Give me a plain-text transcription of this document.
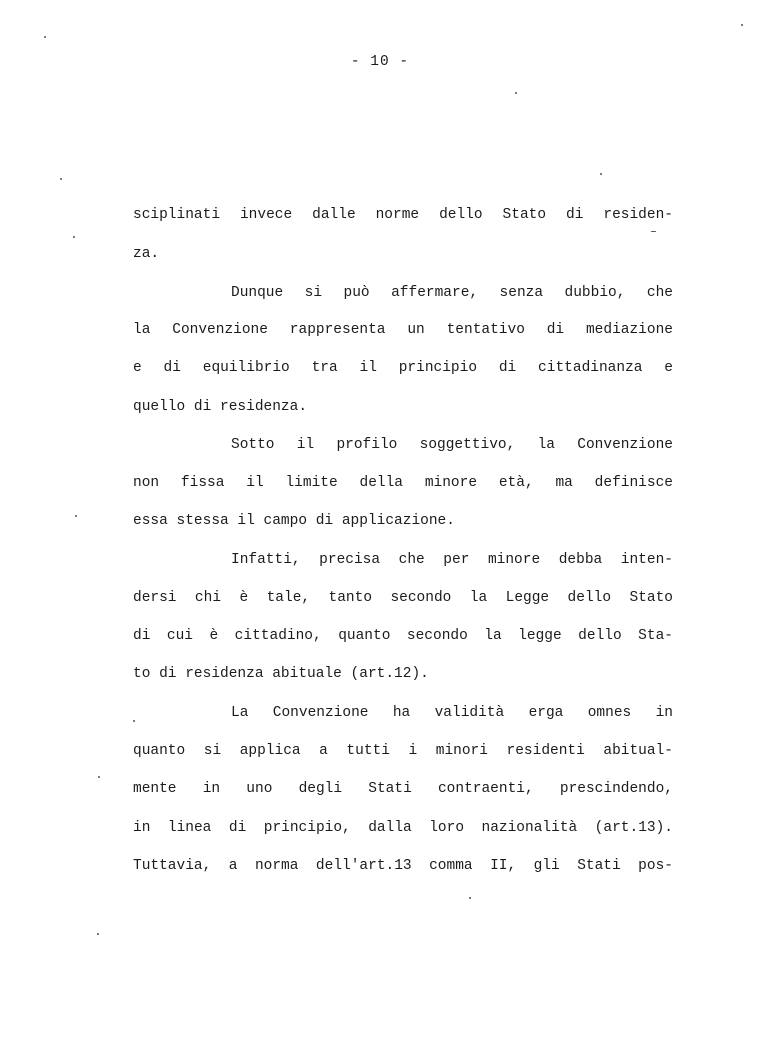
- 10 -
sciplinati invece dalle norme dello Stato di residen-
za.
Dunque si può affermare, senza dubbio, che
la Convenzione rappresenta un tentativo di mediazione
e di equilibrio tra il principio di cittadinanza e
quello di residenza.
Sotto il profilo soggettivo, la Convenzione
non fissa il limite della minore età, ma definisce
essa stessa il campo di applicazione.
Infatti, precisa che per minore debba inten-
dersi chi è tale, tanto secondo la Legge dello Stato
di cui è cittadino, quanto secondo la legge dello Sta-
to di residenza abituale (art.12).
La Convenzione ha validità erga omnes in
quanto si applica a tutti i minori residenti abitual-
mente in uno degli Stati contraenti, prescindendo,
in linea di principio, dalla loro nazionalità (art.13).
Tuttavia, a norma dell'art.13 comma II, gli Stati pos-
